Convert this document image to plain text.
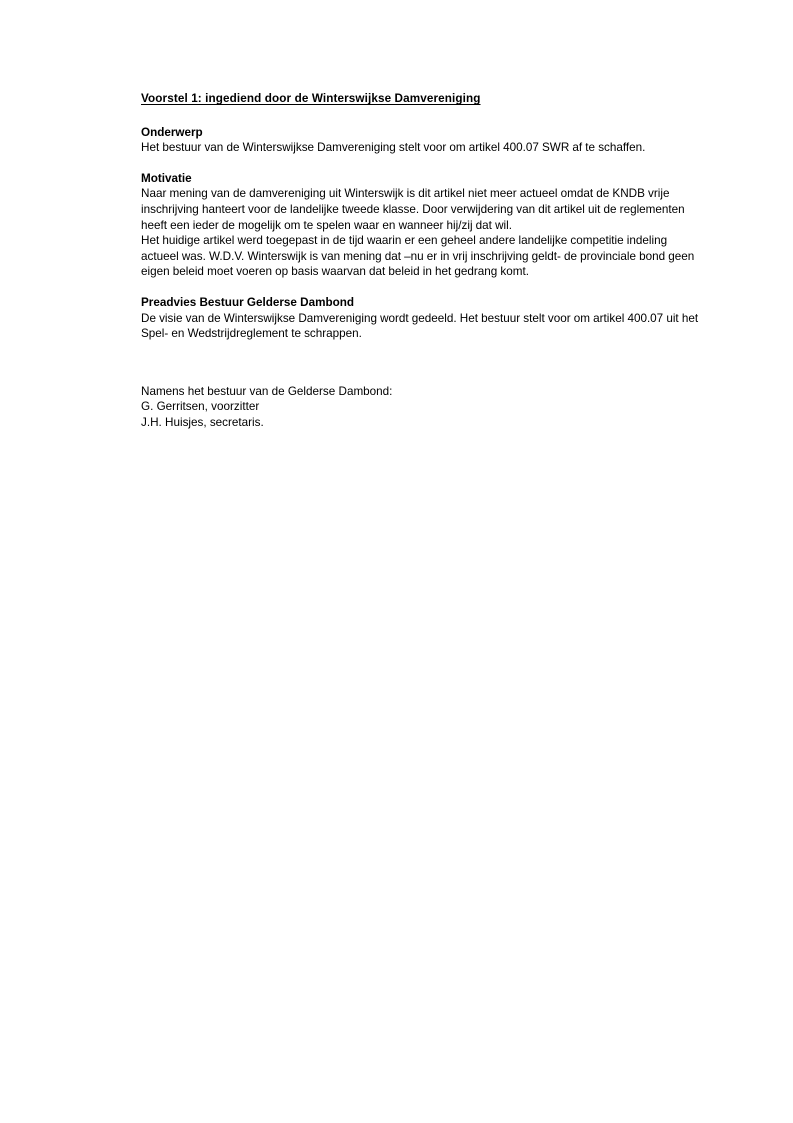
Voorstel 1: ingediend door de Winterswijkse Damvereniging
Onderwerp

Het bestuur van de Winterswijkse Damvereniging stelt voor om artikel 400.07 SWR af te schaffen.

Motivatie

Naar mening van de damvereniging uit Winterswijk is dit artikel niet meer actueel omdat de KNDB vrije inschrijving hanteert voor de landelijke tweede klasse. Door verwijdering van dit artikel uit de reglementen heeft een ieder de mogelijk om te spelen waar en wanneer hij/zij dat wil.

Het huidige artikel werd toegepast in de tijd waarin er een geheel andere landelijke competitie indeling actueel was. W.D.V. Winterswijk is van mening dat –nu er in vrij inschrijving geldt- de provinciale bond geen eigen beleid moet voeren op basis waarvan dat beleid in het gedrang komt.

Preadvies Bestuur Gelderse Dambond

De visie van de Winterswijkse Damvereniging wordt gedeeld. Het bestuur stelt voor om artikel 400.07 uit het Spel- en Wedstrijdreglement te schrappen.

Namens het bestuur van de Gelderse Dambond:
G. Gerritsen, voorzitter
J.H. Huisjes, secretaris.
